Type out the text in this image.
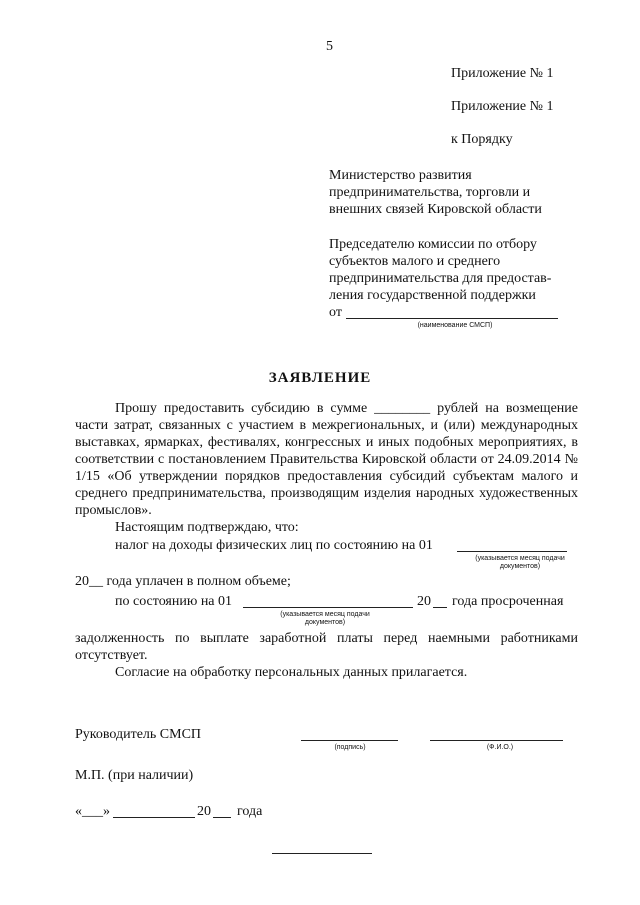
5
Приложение № 1
Приложение № 1
к Порядку
Министерство развития
предпринимательства, торговли и
внешних связей Кировской области
Председателю комиссии по отбору
субъектов малого и среднего
предпринимательства для предостав-
ления государственной поддержки
от
(наименование СМСП)
ЗАЯВЛЕНИЕ
Прошу предоставить субсидию в сумме ________ рублей на возмещение части затрат, связанных с участием в межрегиональных, и (или) международных выставках, ярмарках, фестивалях, конгрессных и иных подобных мероприятиях, в соответствии с постановлением Правительства Кировской области от 24.09.2014 № 1/15 «Об утверждении порядков предоставления субсидий субъектам малого и среднего предпринимательства, производящим изделия народных художественных промыслов».
Настоящим подтверждаю, что:
налог на доходы физических лиц по состоянию на 01
(указывается месяц подачи документов)
20__ года уплачен в полном объеме;
по состоянию на 01	20 года просроченная
(указывается месяц подачи документов)
задолженность по выплате заработной платы перед наемными работниками отсутствует.
Согласие на обработку персональных данных прилагается.
Руководитель СМСП
(подпись)	(Ф.И.О.)
М.П. (при наличии)
«___»	20 года
